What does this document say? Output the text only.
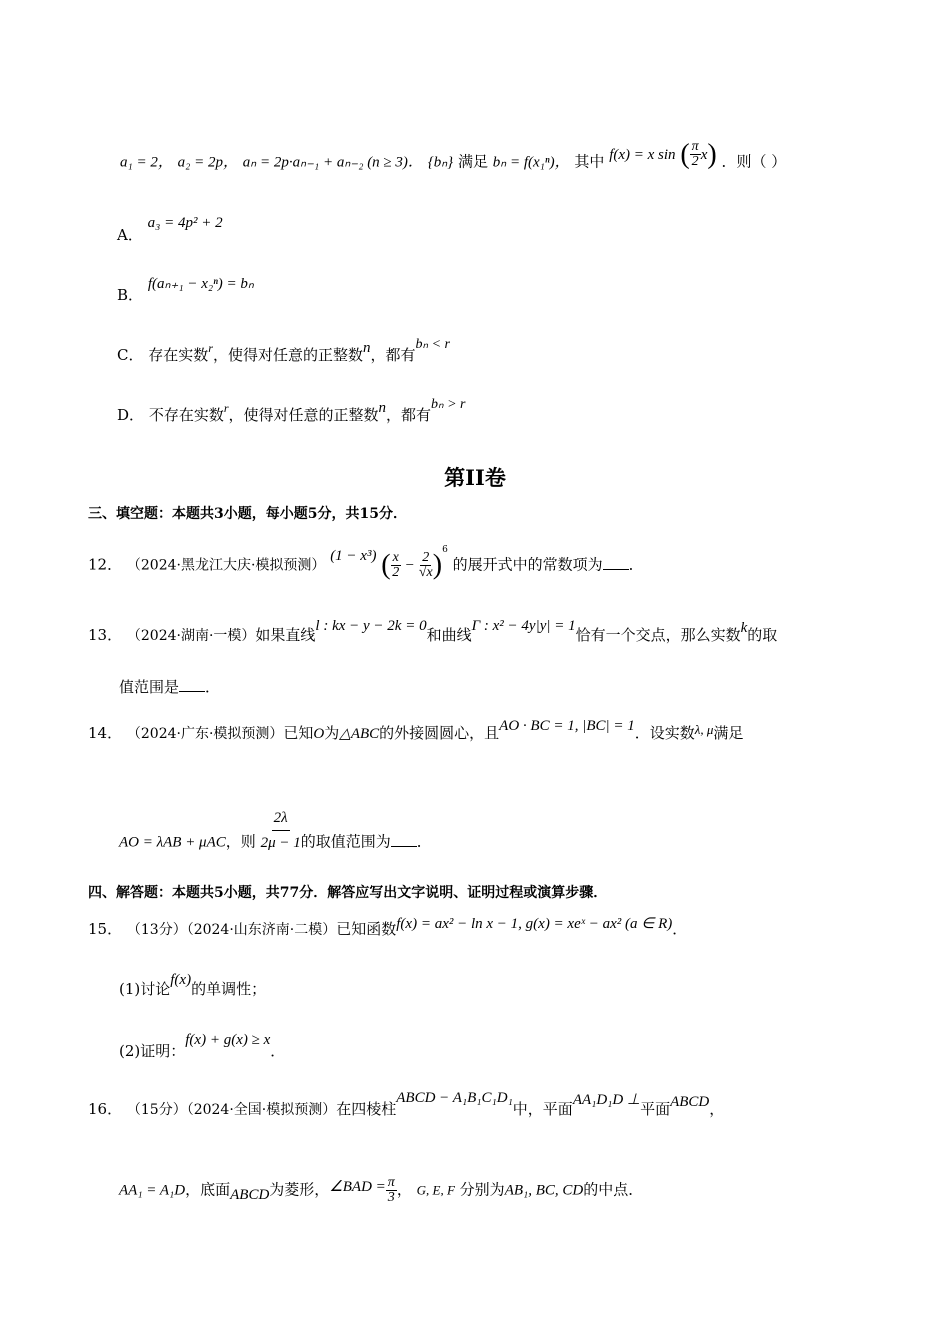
a₁ = 2， a₂ = 2p， aₙ = 2p·aₙ₋₁ + aₙ₋₂ (n ≥ 3)． {bₙ} 满足 bₙ = f(x₁ⁿ)， 其中 f(x) = x sin ( $\frac{\pi}{2} x$) ．则（ ）
A． a₃ = 4p² + 2
B． f(aₙ₊₁ − x₂ⁿ) = bₙ
C． 存在实数$^r$，使得对任意的正整数n，都有bₙ < r
D． 不存在实数$^r$，使得对任意的正整数n，都有bₙ > r
第II卷
三、填空题：本题共3小题，每小题5分，共15分．
12． （2024·黑龙江大庆·模拟预测） (1 − x³) ( $\frac{x}{2} - \frac{2}{√x} )^6$ 的展开式中的常数项为 ．
13． （2024·湖南·一模）如果直线l : kx − y − 2k = 0和曲线Γ : x² − 4y|y| = 1恰有一个交点，那么实数k的取
值范围是 ．
14． （2024·广东·模拟预测）已知O为△ABC的外接圆圆心，且AO · BC = 1, |BC| = 1．设实数λ, μ满足
AO = λAB + μAC，则 $\frac{2\lambda}{2\mu - 1}$ 的取值范围为 ．
四、解答题：本题共5小题，共77分．解答应写出文字说明、证明过程或演算步骤．
15． （13分）（2024·山东济南·二模）已知函数f(x) = ax² − ln x − 1, g(x) = xeˣ − ax² (a ∈ R)．
(1)讨论f(x)的单调性；
(2)证明：f(x) + g(x) ≥ x．
16． （15分）（2024·全国·模拟预测）在四棱柱ABCD − A₁B₁C₁D₁中，平面AA₁D₁D ⊥平面ABCD，
AA₁ = A₁D，底面ABCD为菱形，∠BAD = $\frac{\pi}{3}$ ， G, E, F 分别为AB₁, BC, CD的中点．
